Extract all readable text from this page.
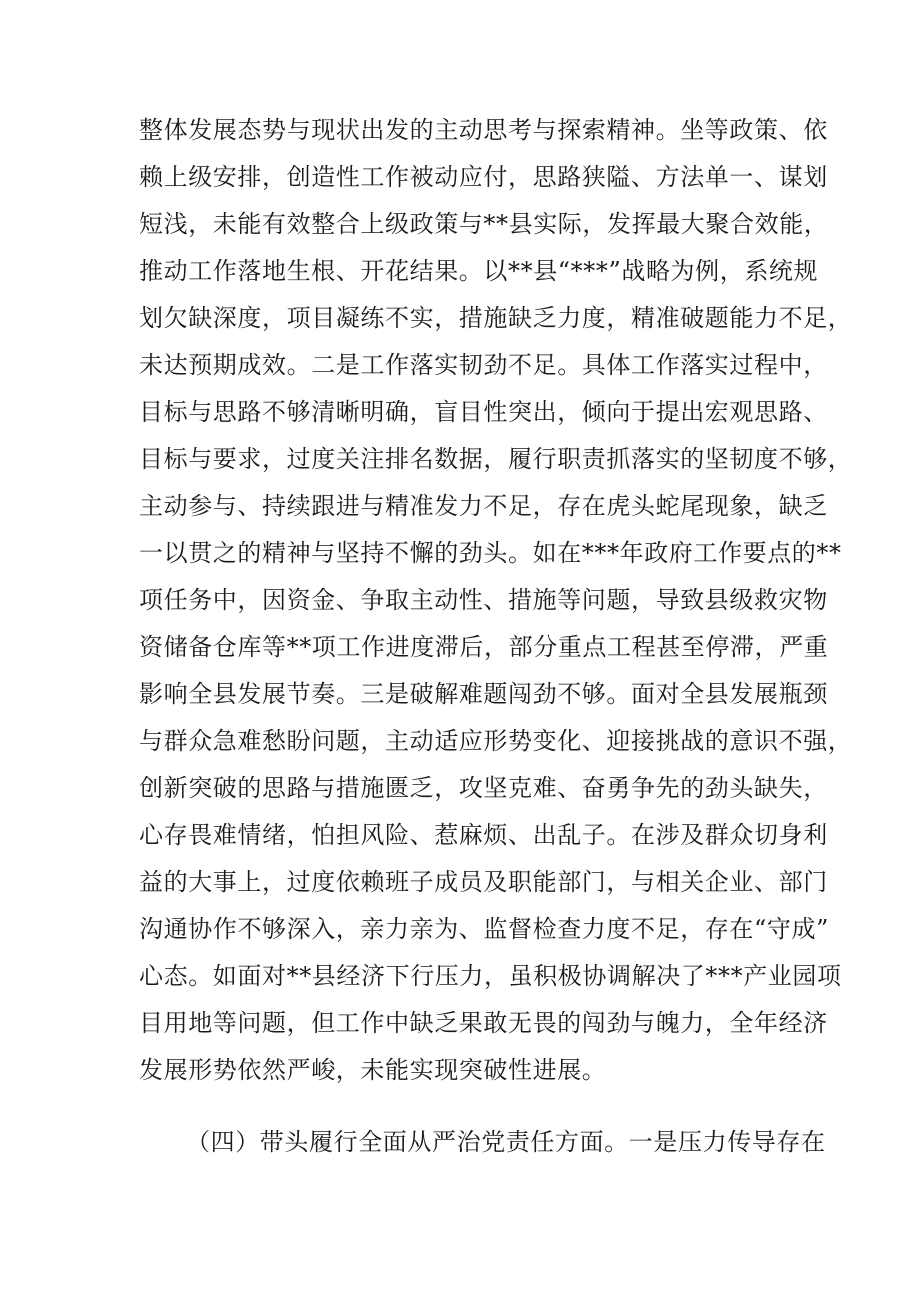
整体发展态势与现状出发的主动思考与探索精神。坐等政策、依
赖上级安排，创造性工作被动应付，思路狭隘、方法单一、谋划
短浅，未能有效整合上级政策与**县实际，发挥最大聚合效能，
推动工作落地生根、开花结果。以**县“***”战略为例，系统规
划欠缺深度，项目凝练不实，措施缺乏力度，精准破题能力不足，
未达预期成效。二是工作落实韧劲不足。具体工作落实过程中，
目标与思路不够清晰明确，盲目性突出，倾向于提出宏观思路、
目标与要求，过度关注排名数据，履行职责抓落实的坚韧度不够，
主动参与、持续跟进与精准发力不足，存在虎头蛇尾现象，缺乏
一以贯之的精神与坚持不懈的劲头。如在***年政府工作要点的**
项任务中，因资金、争取主动性、措施等问题，导致县级救灾物
资储备仓库等**项工作进度滞后，部分重点工程甚至停滞，严重
影响全县发展节奏。三是破解难题闯劲不够。面对全县发展瓶颈
与群众急难愁盼问题，主动适应形势变化、迎接挑战的意识不强，
创新突破的思路与措施匮乏，攻坚克难、奋勇争先的劲头缺失，
心存畏难情绪，怕担风险、惹麻烦、出乱子。在涉及群众切身利
益的大事上，过度依赖班子成员及职能部门，与相关企业、部门
沟通协作不够深入，亲力亲为、监督检查力度不足，存在“守成”
心态。如面对**县经济下行压力，虽积极协调解决了***产业园项
目用地等问题，但工作中缺乏果敢无畏的闯劲与魄力，全年经济
发展形势依然严峻，未能实现突破性进展。
（四）带头履行全面从严治党责任方面。一是压力传导存在
